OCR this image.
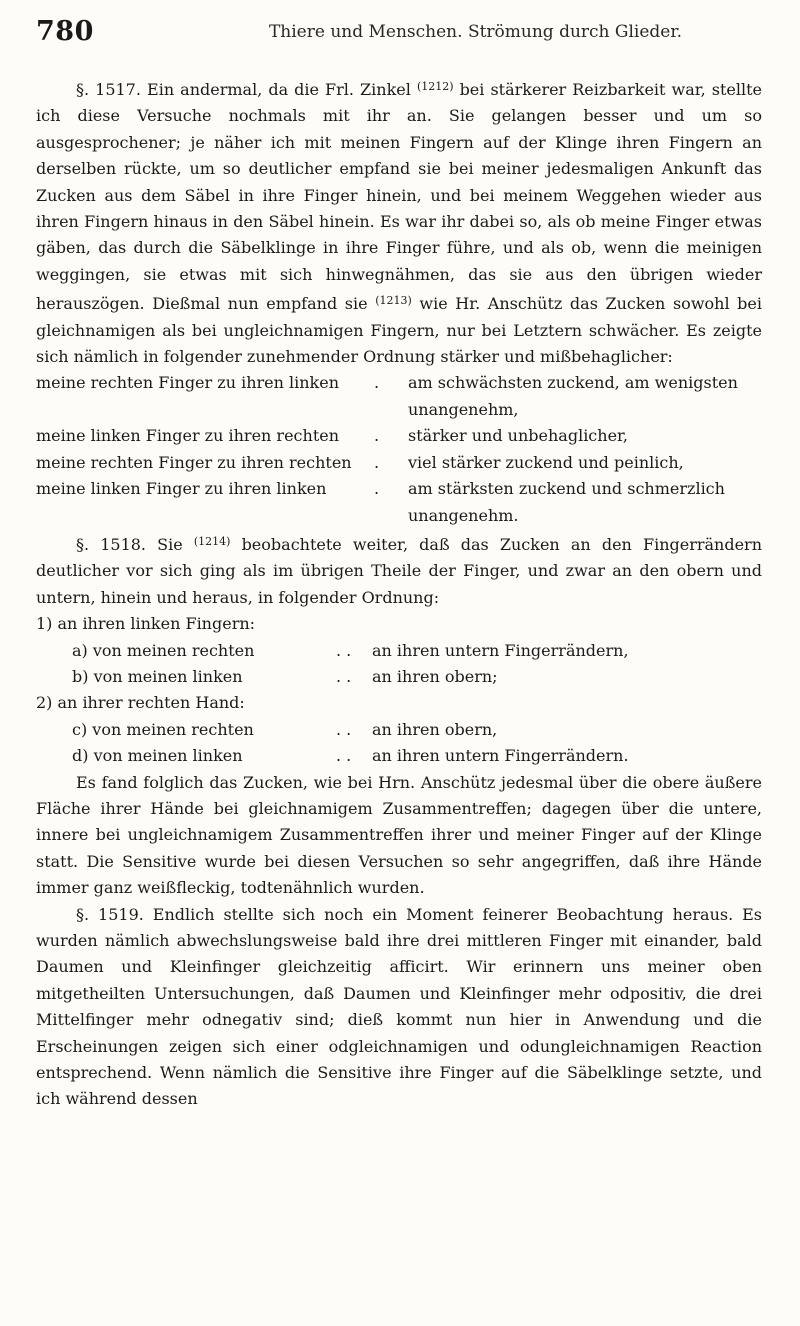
780	Thiere und Menschen. Strömung durch Glieder.

§. 1517. Ein andermal, da die Frl. Zinkel $^{(1212)}$ bei stärkerer Reizbarkeit war, stellte ich diese Versuche nochmals mit ihr an. Sie gelangen besser und um so ausgesprochener; je näher ich mit meinen Fingern auf der Klinge ihren Fingern an derselben rückte, um so deutlicher empfand sie bei meiner jedesmaligen Ankunft das Zucken aus dem Säbel in ihre Finger hinein, und bei meinem Weggehen wieder aus ihren Fingern hinaus in den Säbel hinein. Es war ihr dabei so, als ob meine Finger etwas gäben, das durch die Säbelklinge in ihre Finger führe, und als ob, wenn die meinigen weggingen, sie etwas mit sich hinwegnähmen, das sie aus den übrigen wieder herauszögen. Dießmal nun empfand sie $^{(1213)}$ wie Hr. Anschütz das Zucken sowohl bei gleichnamigen als bei ungleichnamigen Fingern, nur bei Letztern schwächer. Es zeigte sich nämlich in folgender zunehmender Ordnung stärker und mißbehaglicher:

meine rechten Finger zu ihren linken	.	am schwächsten zuckend, am wenigsten unangenehm,
meine linken Finger zu ihren rechten	.	stärker und unbehaglicher,
meine rechten Finger zu ihren rechten	.	viel stärker zuckend und peinlich,
meine linken Finger zu ihren linken	.	am stärksten zuckend und schmerzlich unangenehm.

§. 1518. Sie $^{(1214)}$ beobachtete weiter, daß das Zucken an den Fingerrändern deutlicher vor sich ging als im übrigen Theile der Finger, und zwar an den obern und untern, hinein und heraus, in folgender Ordnung:

1) an ihren linken Fingern:
a) von meinen rechten	. .	an ihren untern Fingerrändern,
b) von meinen linken	. .	an ihren obern;
2) an ihrer rechten Hand:
c) von meinen rechten	. .	an ihren obern,
d) von meinen linken	. .	an ihren untern Fingerrändern.

Es fand folglich das Zucken, wie bei Hrn. Anschütz jedesmal über die obere äußere Fläche ihrer Hände bei gleichnamigem Zusammentreffen; dagegen über die untere, innere bei ungleichnamigem Zusammentreffen ihrer und meiner Finger auf der Klinge statt. Die Sensitive wurde bei diesen Versuchen so sehr angegriffen, daß ihre Hände immer ganz weißfleckig, todtenähnlich wurden.

§. 1519. Endlich stellte sich noch ein Moment feinerer Beobachtung heraus. Es wurden nämlich abwechslungsweise bald ihre drei mittleren Finger mit einander, bald Daumen und Kleinfinger gleichzeitig afficirt. Wir erinnern uns meiner oben mitgetheilten Untersuchungen, daß Daumen und Kleinfinger mehr odpositiv, die drei Mittelfinger mehr odnegativ sind; dieß kommt nun hier in Anwendung und die Erscheinungen zeigen sich einer odgleichnamigen und odungleichnamigen Reaction entsprechend. Wenn nämlich die Sensitive ihre Finger auf die Säbelklinge setzte, und ich während dessen
